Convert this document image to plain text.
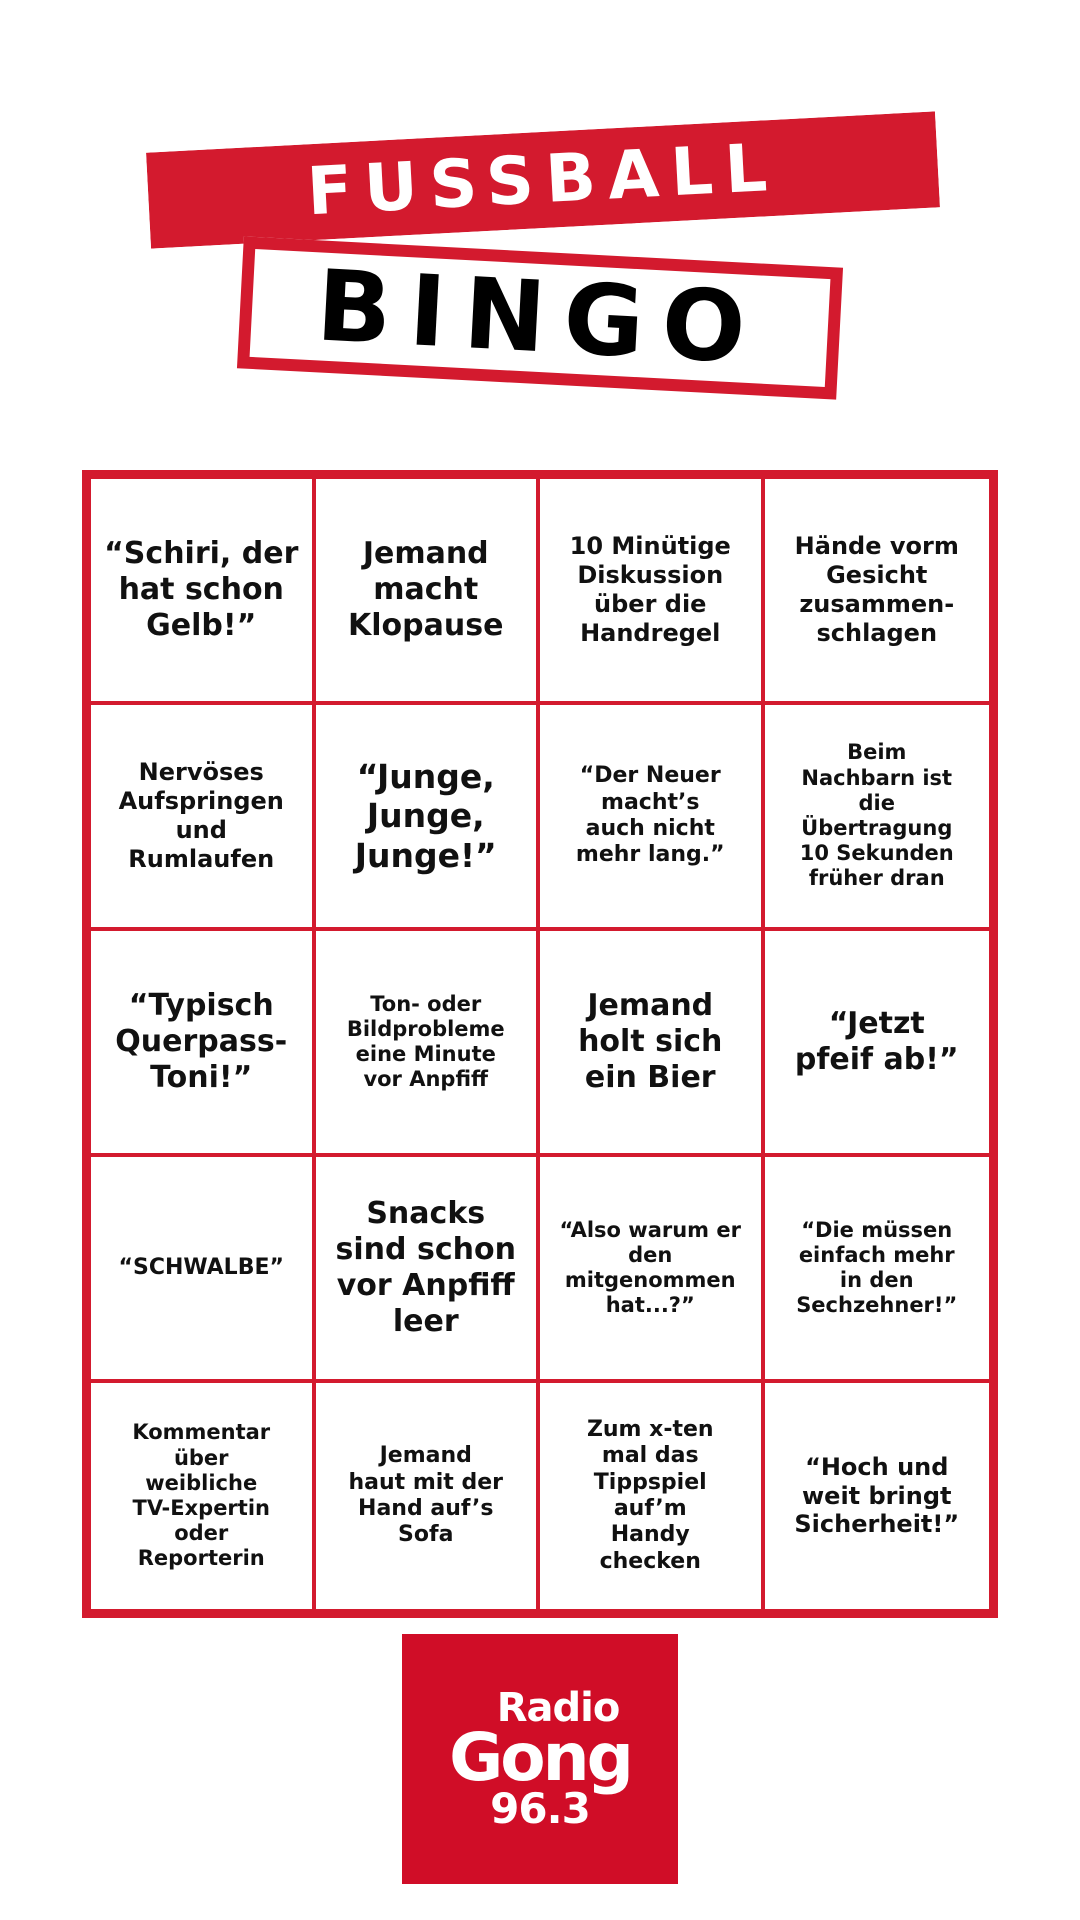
FUSSBALL
BINGO
“Schiri, der
hat schon
Gelb!”
Jemand
macht
Klopause
10 Minütige
Diskussion
über die
Handregel
Hände vorm
Gesicht
zusammen-
schlagen
Nervöses
Aufspringen
und
Rumlaufen
“Junge,
Junge,
Junge!”
“Der Neuer
macht’s
auch nicht
mehr lang.”
Beim
Nachbarn ist
die
Übertragung
10 Sekunden
früher dran
“Typisch
Querpass-
Toni!”
Ton- oder
Bildprobleme
eine Minute
vor Anpfiff
Jemand
holt sich
ein Bier
“Jetzt
pfeif ab!”
“SCHWALBE”
Snacks
sind schon
vor Anpfiff
leer
“Also warum er
den
mitgenommen
hat...?”
“Die müssen
einfach mehr
in den
Sechzehner!”
Kommentar
über
weibliche
TV-Expertin
oder
Reporterin
Jemand
haut mit der
Hand auf’s
Sofa
Zum x-ten
mal das
Tippspiel
auf’m
Handy
checken
“Hoch und
weit bringt
Sicherheit!”
Radio
Gong
96.3
